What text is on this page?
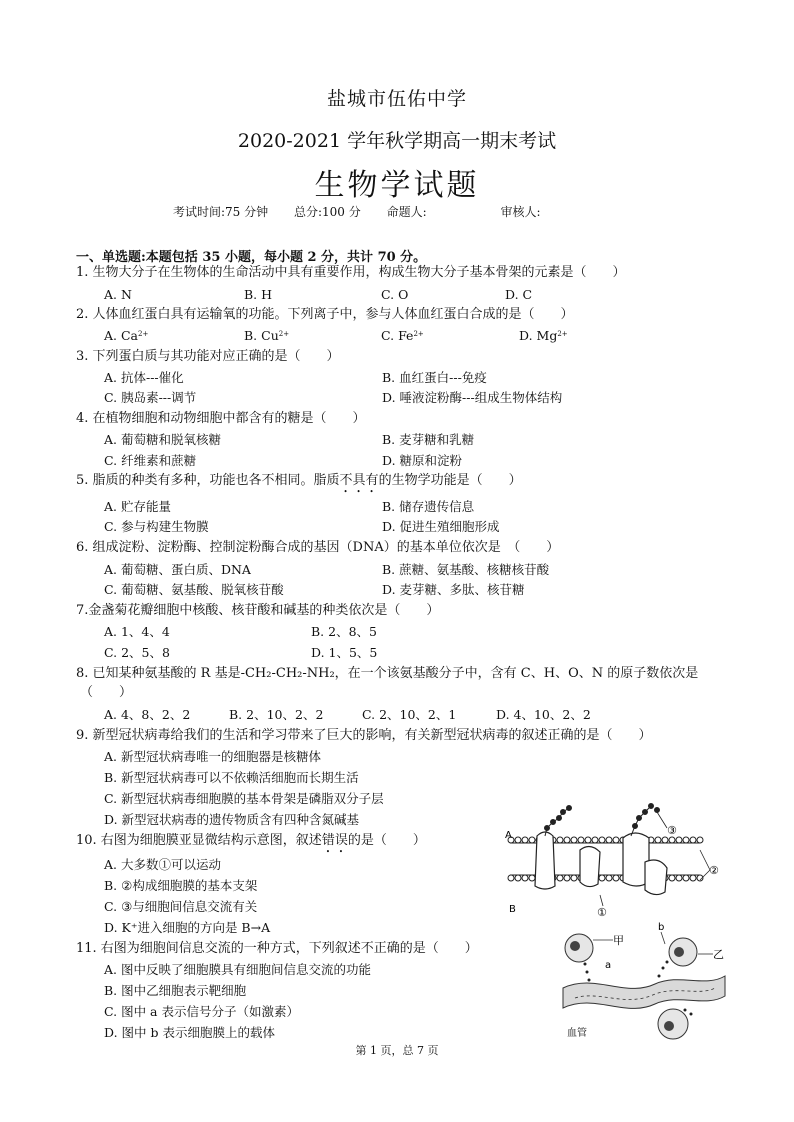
盐城市伍佑中学
2020-2021 学年秋学期高一期末考试
生物学试题
考试时间:75 分钟 总分:100 分 命题人:	审核人:
一、单选题:本题包括 35 小题，每小题 2 分，共计 70 分。
1. 生物大分子在生物体的生命活动中具有重要作用，构成生物大分子基本骨架的元素是（　　）
A. N	B. H	C. O	D. C
2. 人体血红蛋白具有运输氧的功能。下列离子中，参与人体血红蛋白合成的是（　　）
A. $Ca^{2+}$	B. $Cu^{2+}$	C. $Fe^{2+}$	D. $Mg^{2+}$
3. 下列蛋白质与其功能对应正确的是（　　）
A. 抗体---催化	B. 血红蛋白---免疫
C. 胰岛素---调节	D. 唾液淀粉酶---组成生物体结构
4. 在植物细胞和动物细胞中都含有的糖是（　　）
A. 葡萄糖和脱氧核糖	B. 麦芽糖和乳糖
C. 纤维素和蔗糖	D. 糖原和淀粉
5. 脂质的种类有多种，功能也各不相同。脂质不具有的生物学功能是（　　）
A. 贮存能量	B. 储存遗传信息
C. 参与构建生物膜	D. 促进生殖细胞形成
6. 组成淀粉、淀粉酶、控制淀粉酶合成的基因（DNA）的基本单位依次是　（　　）
A. 葡萄糖、蛋白质、DNA	B. 蔗糖、氨基酸、核糖核苷酸
C. 葡萄糖、氨基酸、脱氧核苷酸	D. 麦芽糖、多肽、核苷糖
7.金盏菊花瓣细胞中核酸、核苷酸和碱基的种类依次是（　　）
A. 1、4、4	B. 2、8、5
C. 2、5、8	D. 1、5、5
8. 已知某种氨基酸的 R 基是-CH₂-CH₂-NH₂，在一个该氨基酸分子中，含有 C、H、O、N 的原子数依次是
（　　）
A. 4、8、2、2	B. 2、10、2、2	C. 2、10、2、1	D. 4、10、2、2
9. 新型冠状病毒给我们的生活和学习带来了巨大的影响，有关新型冠状病毒的叙述正确的是（　　）
A. 新型冠状病毒唯一的细胞器是核糖体
B. 新型冠状病毒可以不依赖活细胞而长期生活
C. 新型冠状病毒细胞膜的基本骨架是磷脂双分子层
D. 新型冠状病毒的遗传物质含有四种含氮碱基
10. 右图为细胞膜亚显微结构示意图，叙述错误的是（　　）
A. 大多数①可以运动
B. ②构成细胞膜的基本支架
C. ③与细胞间信息交流有关
D. K⁺进入细胞的方向是 B→A
11. 右图为细胞间信息交流的一种方式，下列叙述不正确的是（　　）
A. 图中反映了细胞膜具有细胞间信息交流的功能
B. 图中乙细胞表示靶细胞
C. 图中 a 表示信号分子（如激素）
D. 图中 b 表示细胞膜上的载体
A
B	①
②
③
甲
乙
a
b
血管
第 1 页，总 7 页
